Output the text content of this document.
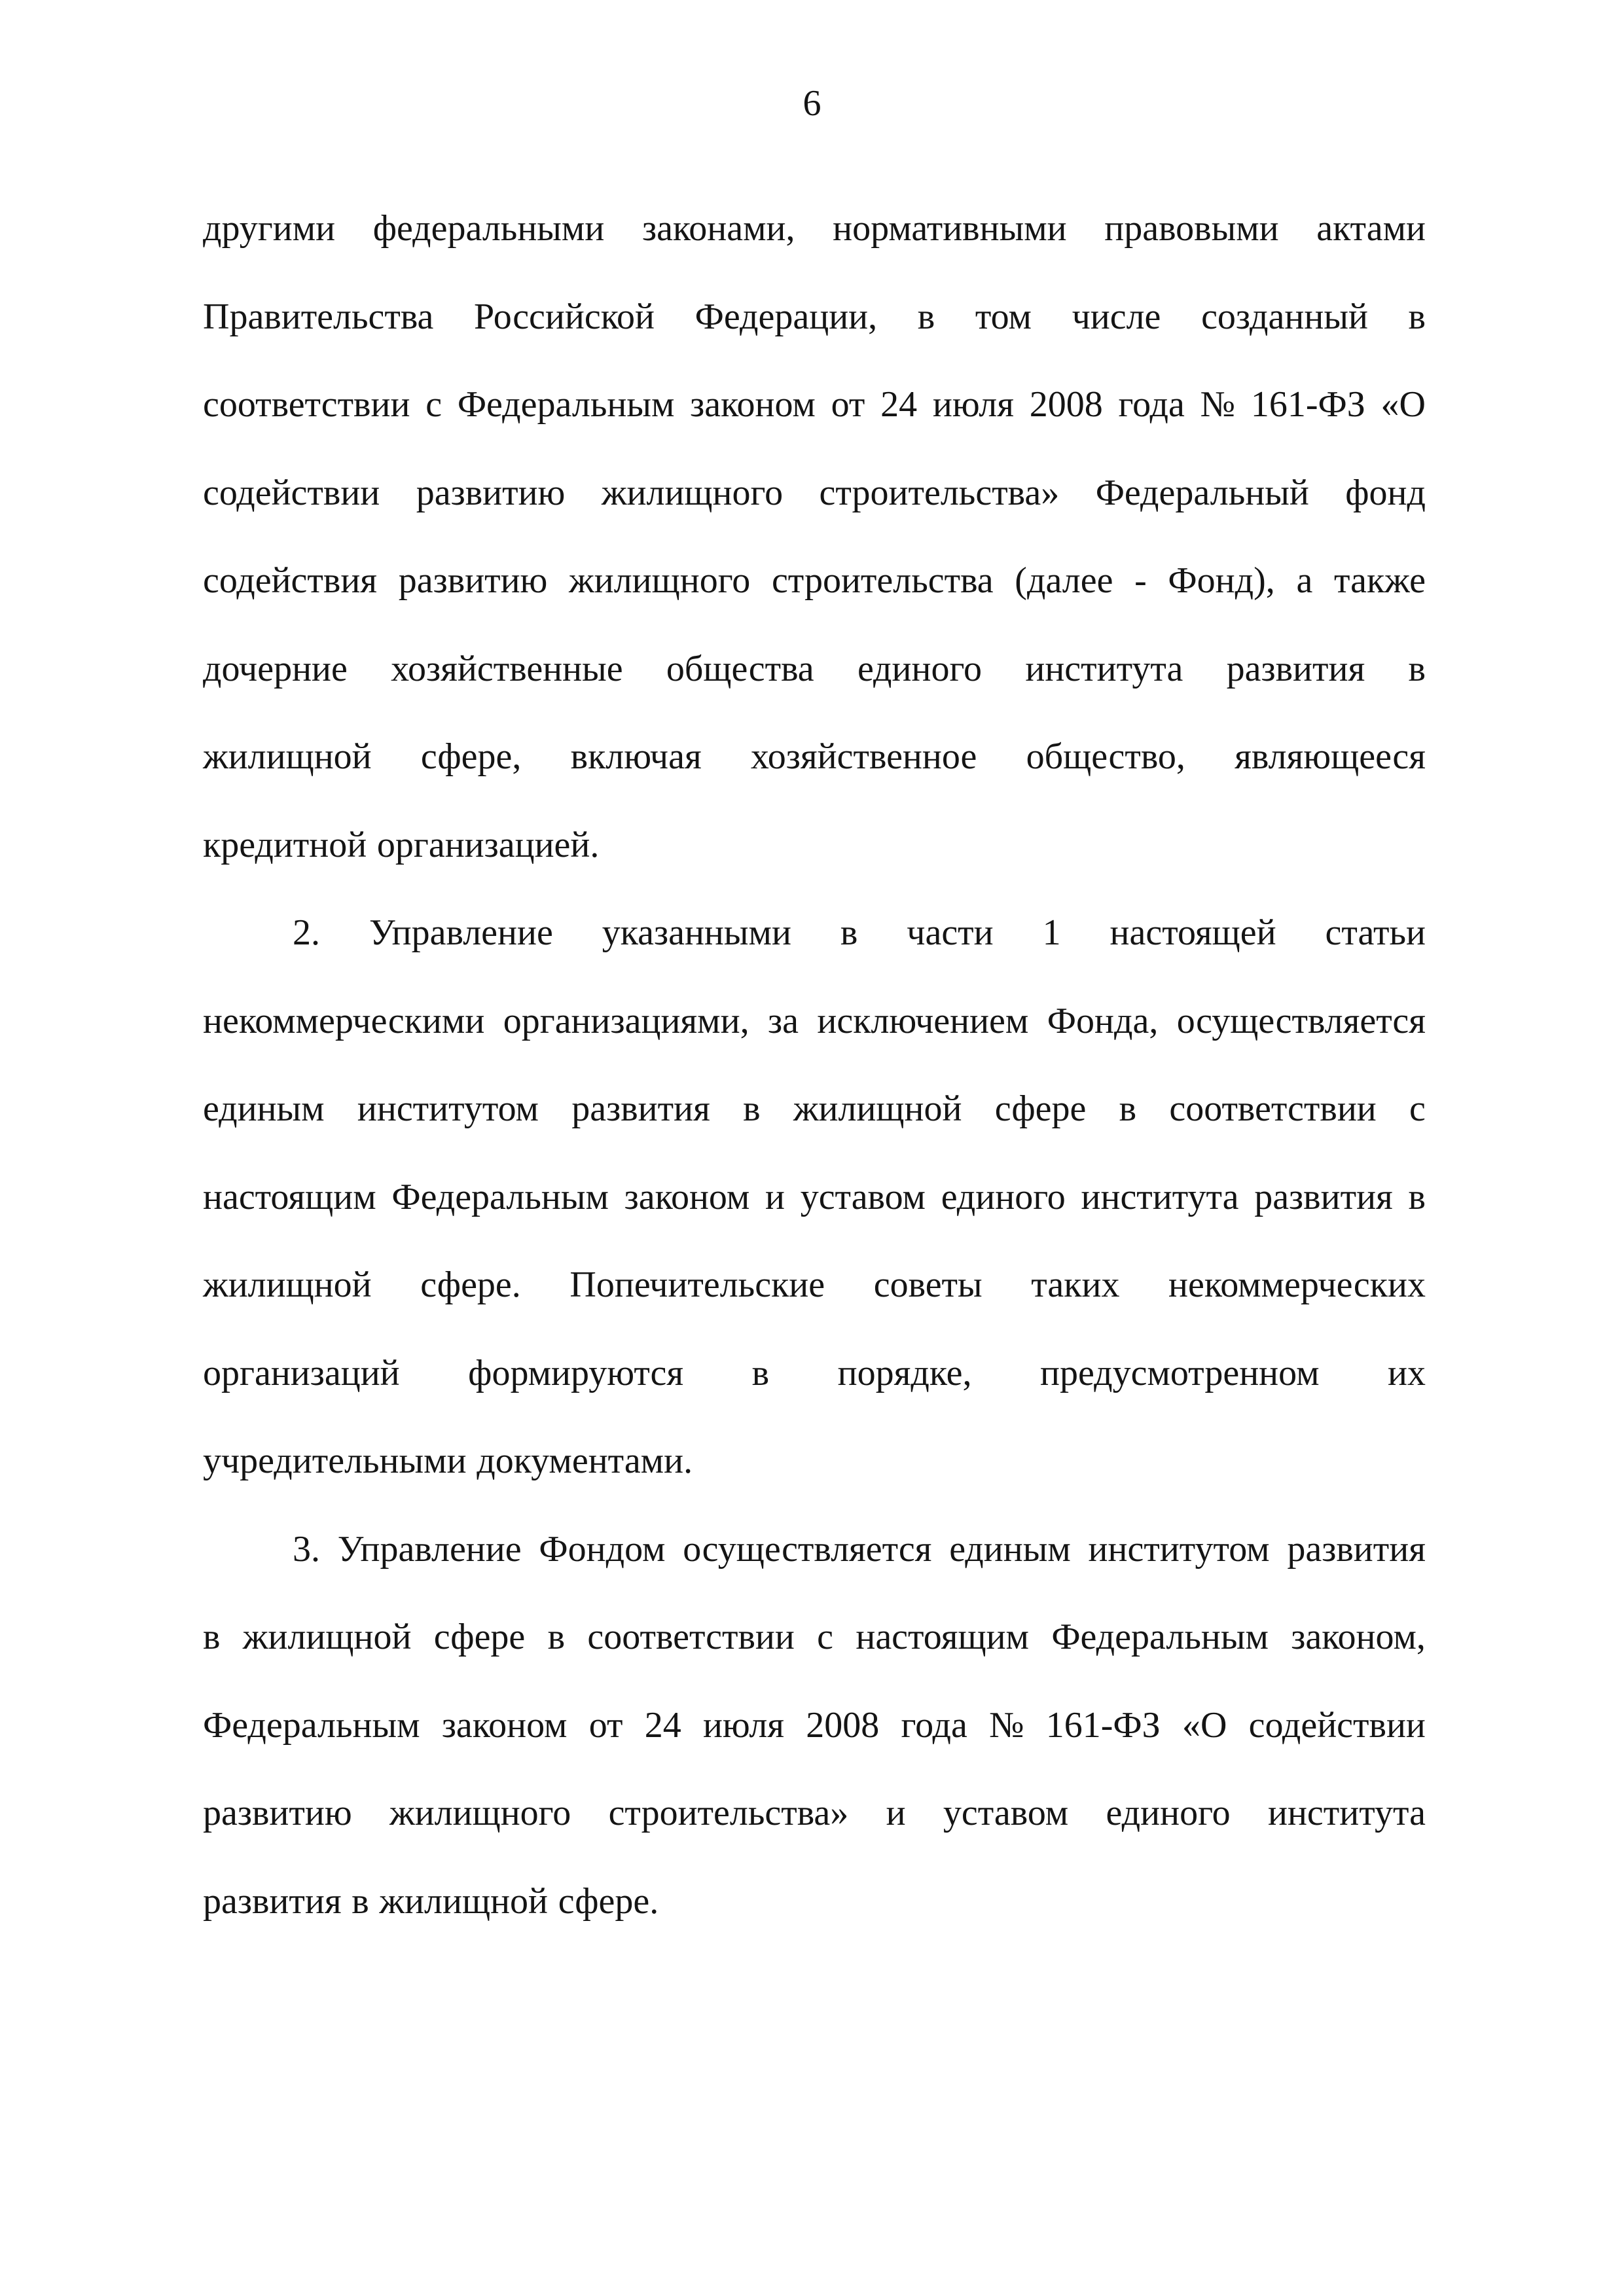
6
другими федеральными законами, нормативными правовыми актами
Правительства Российской Федерации, в том числе созданный в
соответствии с Федеральным законом от 24 июля 2008 года № 161-ФЗ «О
содействии развитию жилищного строительства» Федеральный фонд
содействия развитию жилищного строительства (далее - Фонд), а также
дочерние хозяйственные общества единого института развития в
жилищной сфере, включая хозяйственное общество, являющееся
кредитной организацией.
2. Управление указанными в части 1 настоящей статьи
некоммерческими организациями, за исключением Фонда, осуществляется
единым институтом развития в жилищной сфере в соответствии с
настоящим Федеральным законом и уставом единого института развития в
жилищной сфере. Попечительские советы таких некоммерческих
организаций формируются в порядке, предусмотренном их
учредительными документами.
3. Управление Фондом осуществляется единым институтом развития
в жилищной сфере в соответствии с настоящим Федеральным законом,
Федеральным законом от 24 июля 2008 года № 161-ФЗ «О содействии
развитию жилищного строительства» и уставом единого института
развития в жилищной сфере.
